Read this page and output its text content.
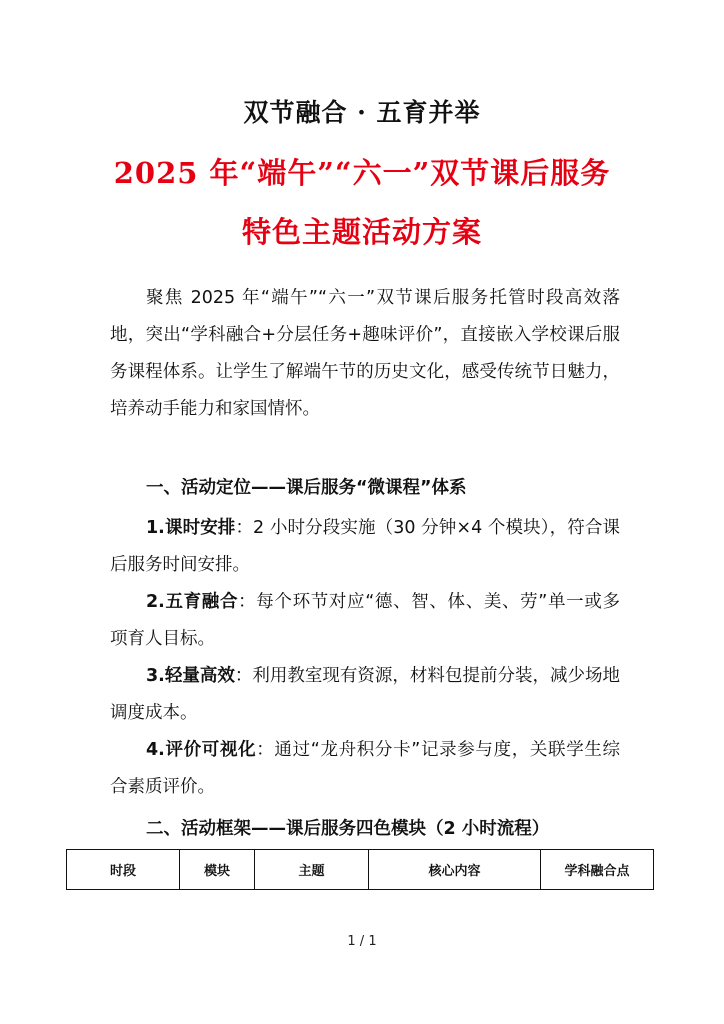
双节融合 · 五育并举
2025 年“端午”“六一”双节课后服务
特色主题活动方案
聚焦 2025 年“端午”“六一”双节课后服务托管时段高效落地，突出“学科融合+分层任务+趣味评价”，直接嵌入学校课后服务课程体系。让学生了解端午节的历史文化，感受传统节日魅力，培养动手能力和家国情怀。
一、活动定位——课后服务“微课程”体系
1.课时安排：2 小时分段实施（30 分钟×4 个模块），符合课后服务时间安排。
2.五育融合：每个环节对应“德、智、体、美、劳”单一或多项育人目标。
3.轻量高效：利用教室现有资源，材料包提前分装，减少场地调度成本。
4.评价可视化：通过“龙舟积分卡”记录参与度，关联学生综合素质评价。
二、活动框架——课后服务四色模块（2 小时流程）
时段	模块	主题	核心内容	学科融合点
1 / 1
